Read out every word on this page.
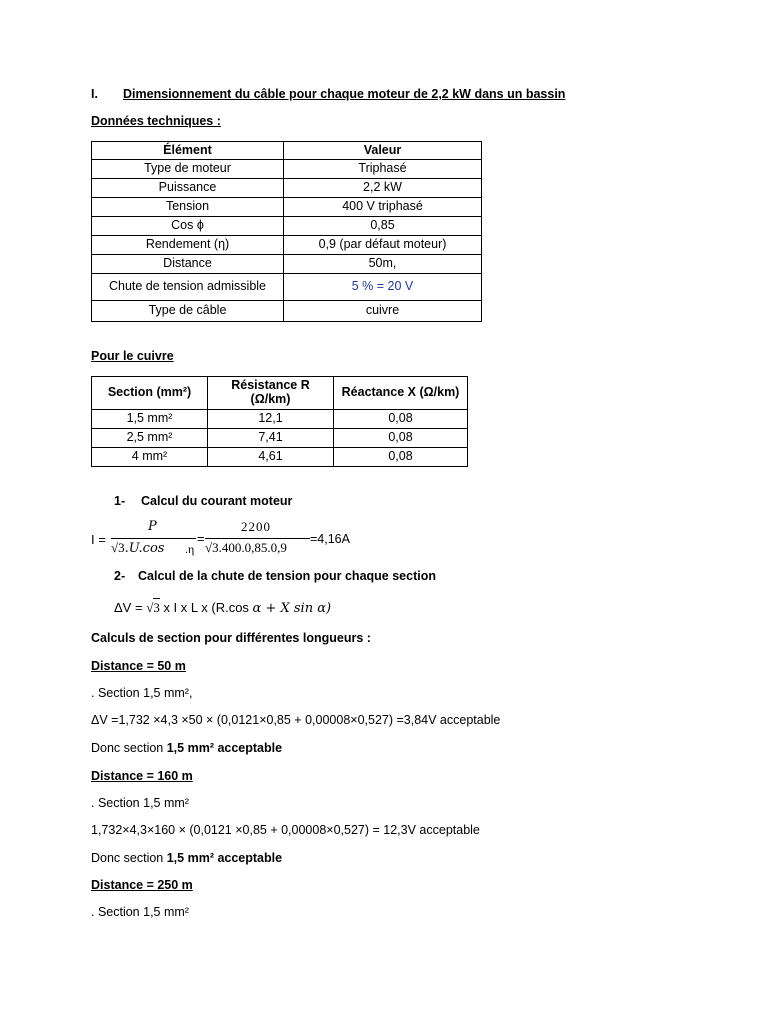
I. Dimensionnement du câble pour chaque moteur de 2,2 kW dans un bassin
Données techniques :
Élément	Valeur
Type de moteur	Triphasé
Puissance	2,2 kW
Tension	400 V triphasé
Cos ϕ	0,85
Rendement (η)	0,9 (par défaut moteur)
Distance	50m,
Chute de tension admissible	5 % = 20 V
Type de câble	cuivre
Pour le cuivre
Section (mm²)	Résistance R (Ω/km)	Réactance X (Ω/km)
1,5 mm²	12,1	0,08
2,5 mm²	7,41	0,08
4 mm²	4,61	0,08
1- Calcul du courant moteur
I =
P
√3.U.cos .η
=
2200
√3.400.0,85.0,9
=4,16A
2- Calcul de la chute de tension pour chaque section
ΔV = √3 x I x L x (R.cos 𝛼 + 𝑋 sin 𝛼)
Calculs de section pour différentes longueurs :
Distance = 50 m
. Section 1,5 mm²,
ΔV =1,732 ×4,3 ×50 × (0,0121×0,85 + 0,00008×0,527) =3,84V acceptable
Donc section 1,5 mm² acceptable
Distance = 160 m
. Section 1,5 mm²
1,732×4,3×160 × (0,0121 ×0,85 + 0,00008×0,527) = 12,3V acceptable
Donc section 1,5 mm² acceptable
Distance = 250 m
. Section 1,5 mm²
